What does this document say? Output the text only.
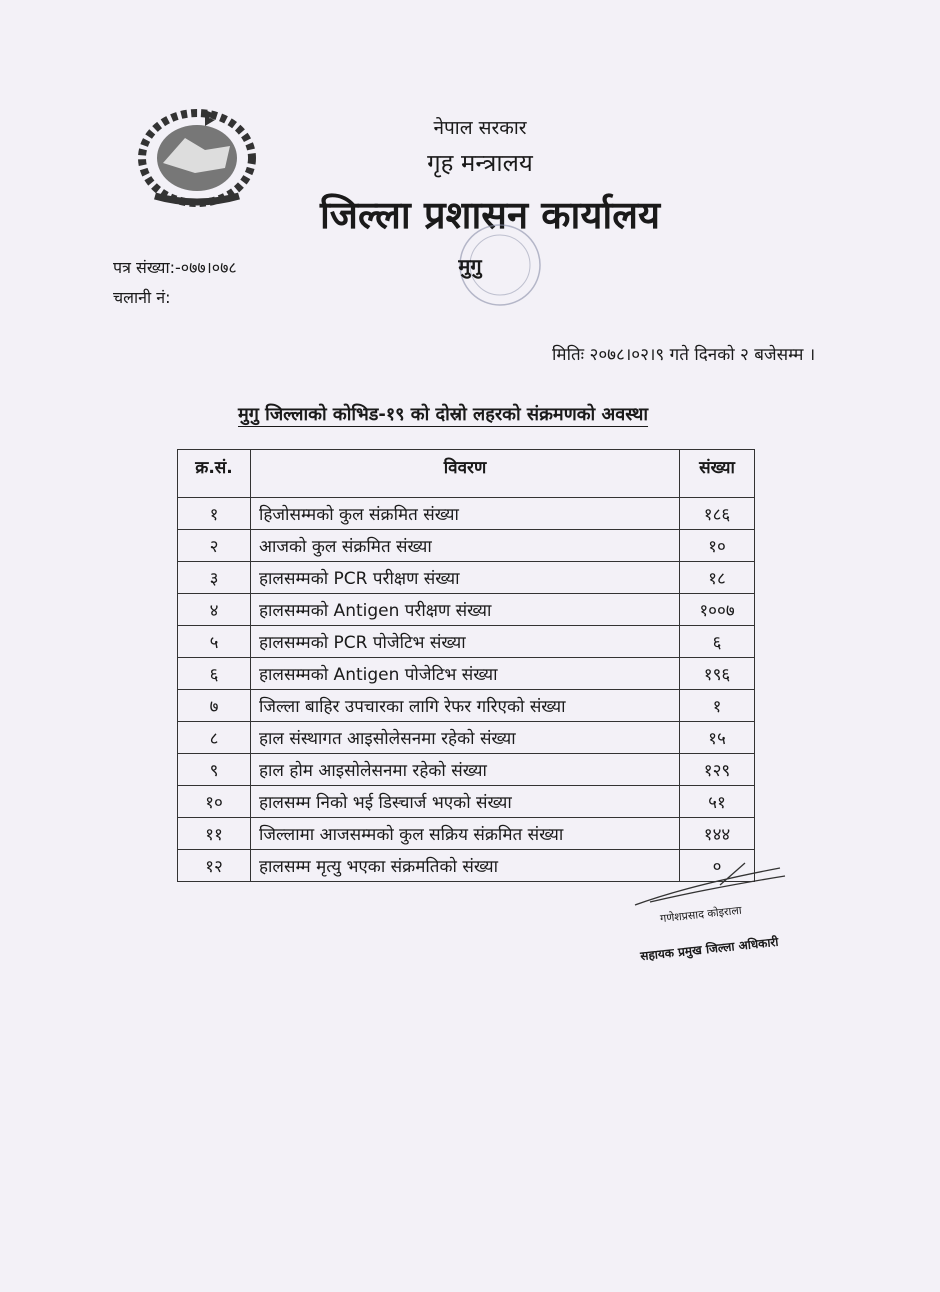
नेपाल सरकार
गृह मन्त्रालय
जिल्ला प्रशासन कार्यालय
मुगु
पत्र संख्या:-०७७।०७८
चलानी नं:
मितिः २०७८।०२।९ गते दिनको २ बजेसम्म ।
मुगु जिल्लाको कोभिड-१९ को दोस्रो लहरको संक्रमणको अवस्था
क्र.सं.	विवरण	संख्या
१	हिजोसम्मको कुल संक्रमित संख्या	१८६
२	आजको कुल संक्रमित संख्या	१०
३	हालसम्मको PCR परीक्षण संख्या	१८
४	हालसम्मको Antigen परीक्षण संख्या	१००७
५	हालसम्मको PCR पोजेटिभ संख्या	६
६	हालसम्मको Antigen पोजेटिभ संख्या	१९६
७	जिल्ला बाहिर उपचारका लागि रेफर गरिएको संख्या	१
८	हाल संस्थागत आइसोलेसनमा रहेको संख्या	१५
९	हाल होम आइसोलेसनमा रहेको संख्या	१२९
१०	हालसम्म निको भई डिस्चार्ज भएको संख्या	५१
११	जिल्लामा आजसम्मको कुल सक्रिय संक्रमित संख्या	१४४
१२	हालसम्म मृत्यु भएका संक्रमतिको संख्या	०
गणेशप्रसाद कोइराला
सहायक प्रमुख जिल्ला अधिकारी
